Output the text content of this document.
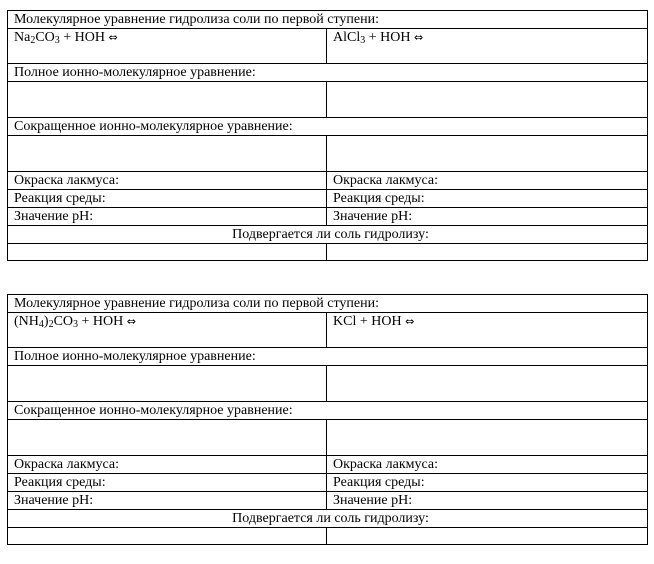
Молекулярное уравнение гидролиза соли по первой ступени:	
$Na_2CO_3$ + HOH ⇔	AlCl$_3$ + HOH ⇔
Полное ионно-молекулярное уравнение:	

Сокращенное ионно-молекулярное уравнение:	

Окраска лакмуса:	Окраска лакмуса:
Реакция среды:	Реакция среды:
Значение рН:	Значение рН:
Подвергается ли соль гидролизу:	

Молекулярное уравнение гидролиза соли по первой ступени:	
$(NH_4)_2CO_3$ + HOH ⇔	KCl + HOH ⇔
Полное ионно-молекулярное уравнение:	

Сокращенное ионно-молекулярное уравнение:	

Окраска лакмуса:	Окраска лакмуса:
Реакция среды:	Реакция среды:
Значение рН:	Значение рН:
Подвергается ли соль гидролизу:	
